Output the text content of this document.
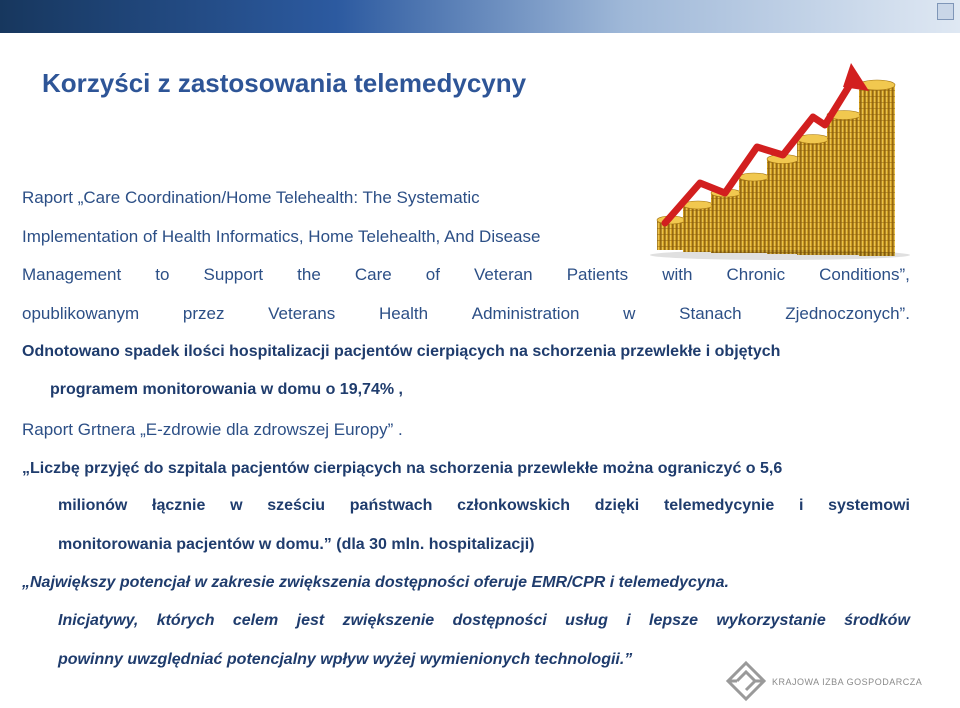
Korzyści z zastosowania telemedycyny
Raport „Care Coordination/Home Telehealth: The Systematic
Implementation of Health Informatics, Home Telehealth, And Disease
Management to Support the Care of Veteran Patients with Chronic Conditions”,
opublikowanym	przez	Veterans	Health	Administration	w	Stanach	Zjednoczonych”.
Odnotowano spadek ilości hospitalizacji pacjentów cierpiących na schorzenia przewlekłe i objętych
programem monitorowania w domu o 19,74% ,
Raport Grtnera „E-zdrowie dla zdrowszej Europy” .
„Liczbę przyjęć do szpitala pacjentów cierpiących na schorzenia przewlekłe można ograniczyć o 5,6
milionów łącznie w sześciu państwach członkowskich dzięki telemedycynie i systemowi
monitorowania pacjentów w domu.” (dla 30 mln. hospitalizacji)
„Największy potencjał w zakresie zwiększenia dostępności oferuje EMR/CPR i telemedycyna.
Inicjatywy, których celem jest zwiększenie dostępności usług i lepsze wykorzystanie środków
powinny uwzględniać potencjalny wpływ wyżej wymienionych technologii.”
KRAJOWA IZBA GOSPODARCZA
